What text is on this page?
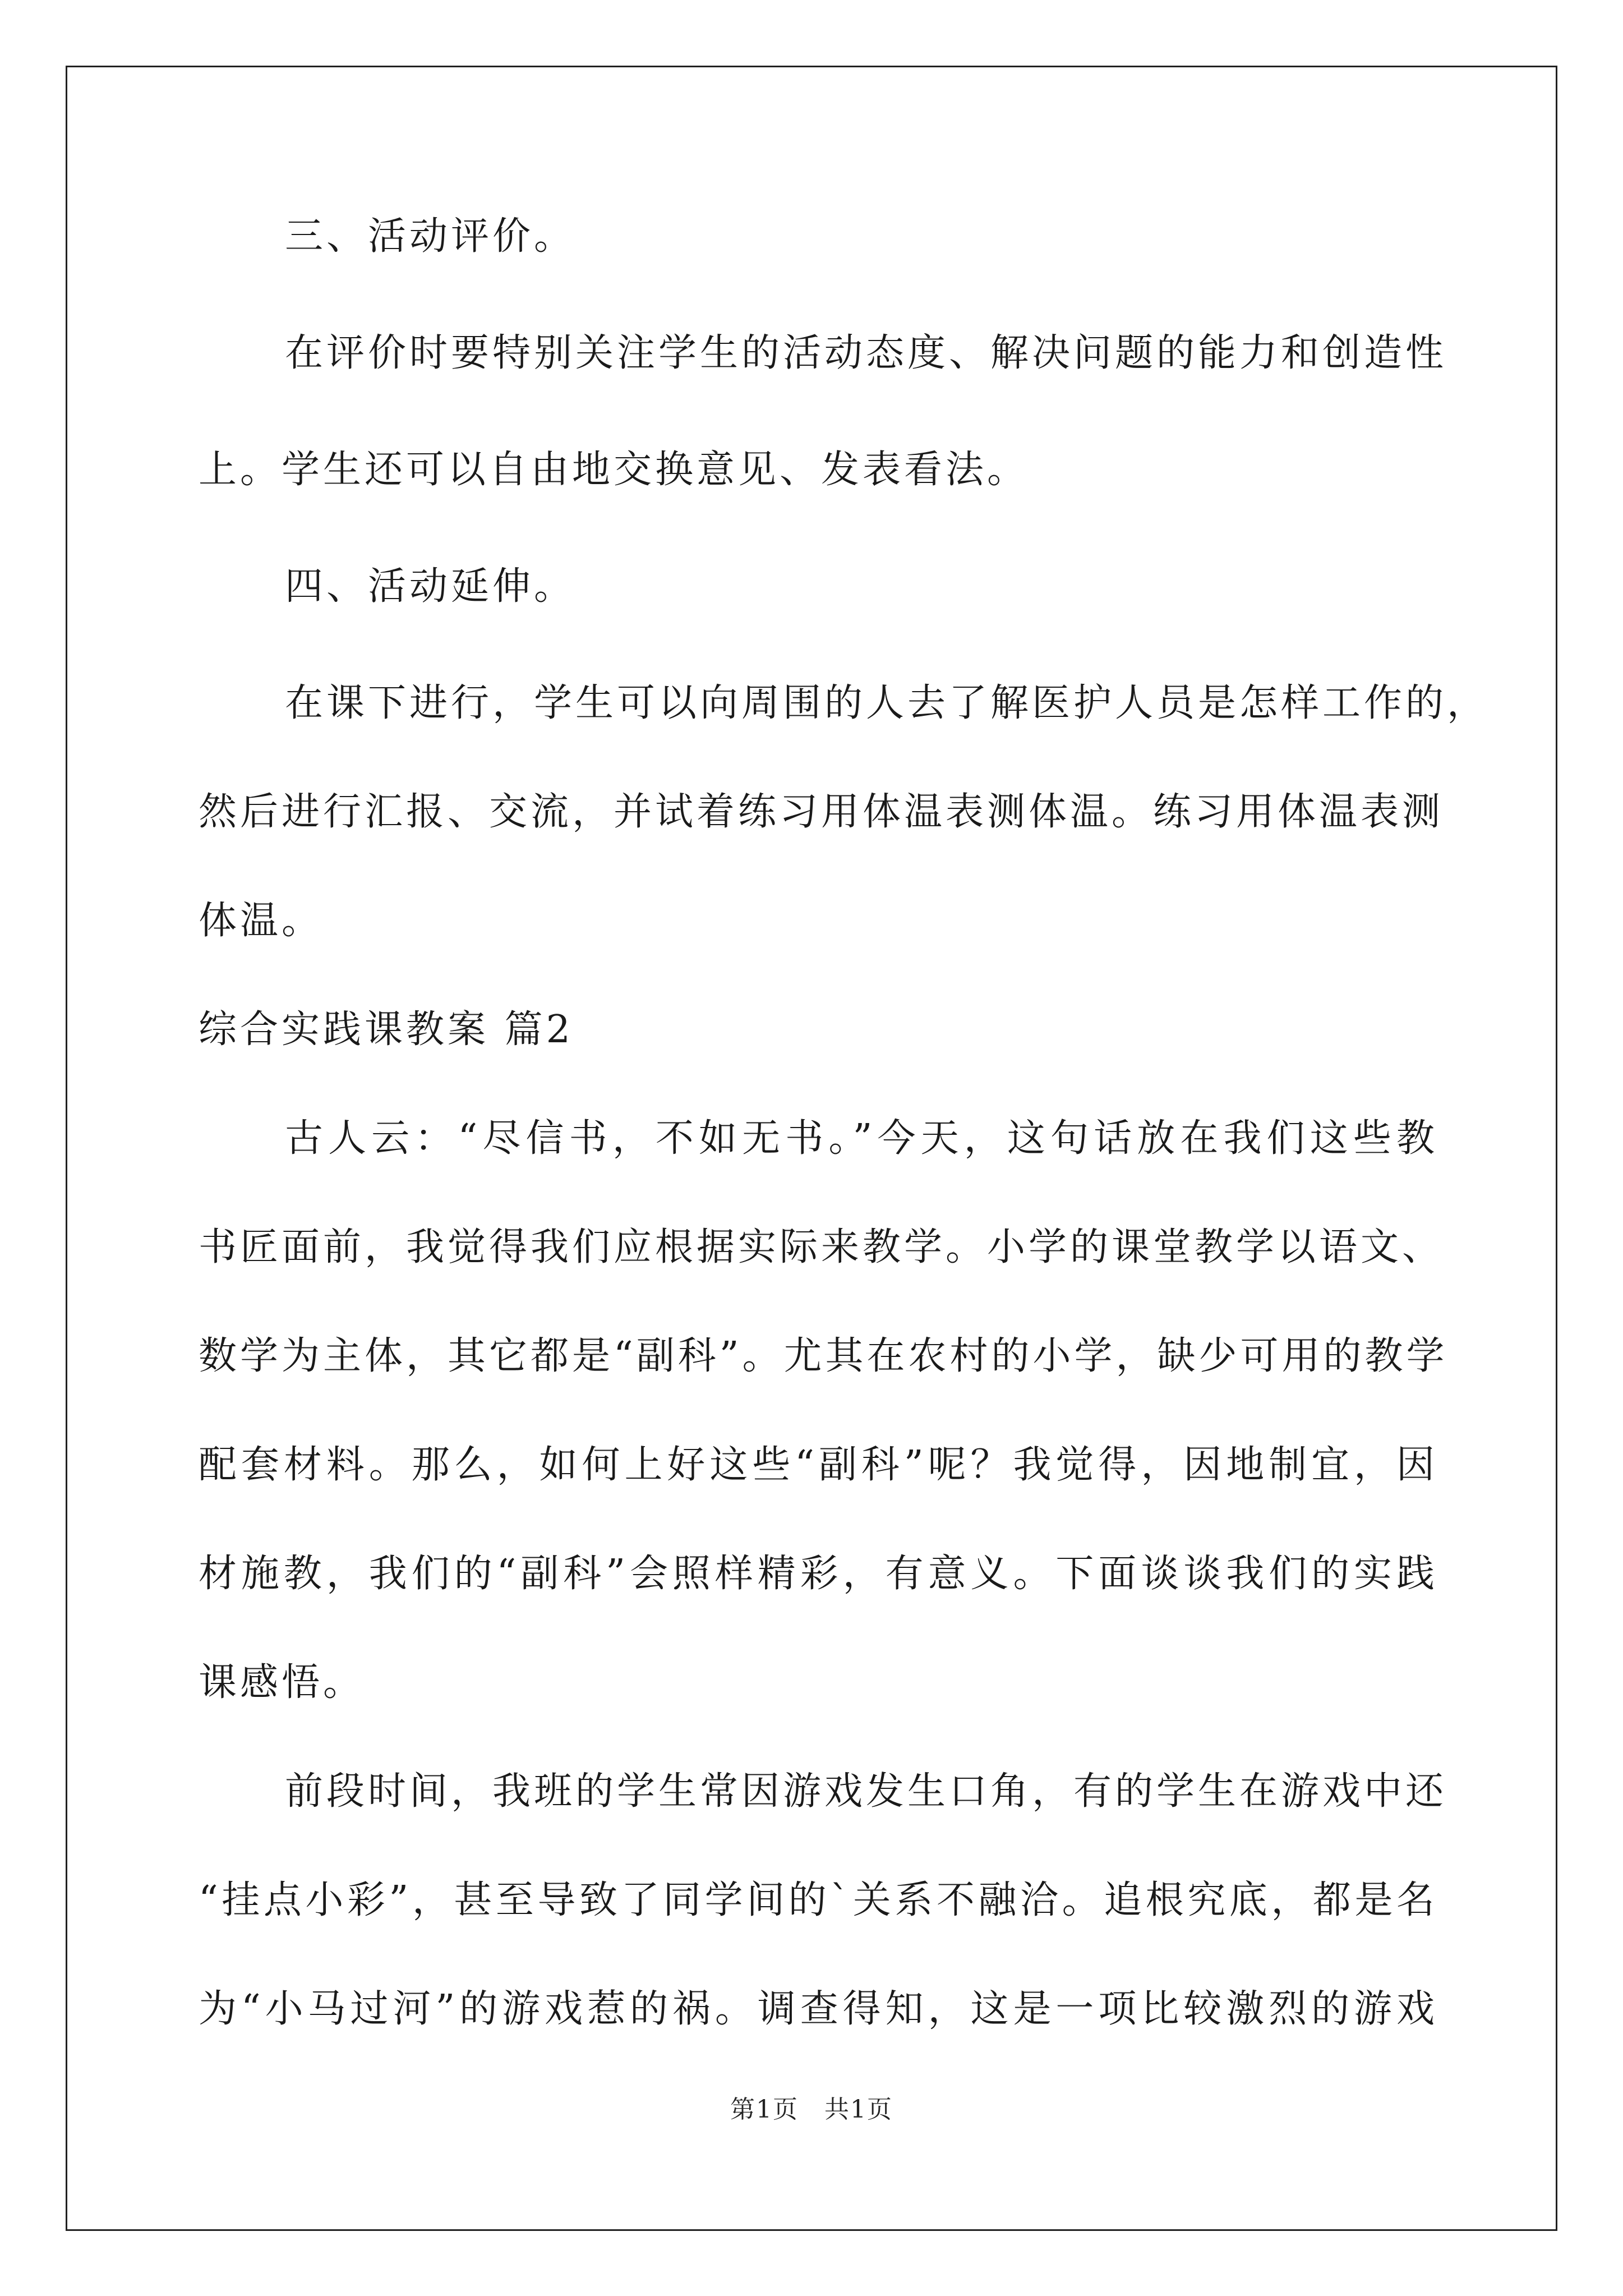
三、活动评价。
在评价时要特别关注学生的活动态度、解决问题的能力和创造性
上。学生还可以自由地交换意见、发表看法。
四、活动延伸。
在课下进行，学生可以向周围的人去了解医护人员是怎样工作的，
然后进行汇报、交流，并试着练习用体温表测体温。练习用体温表测
体温。
综合实践课教案 篇2
古人云：“尽信书，不如无书。”今天，这句话放在我们这些教
书匠面前，我觉得我们应根据实际来教学。小学的课堂教学以语文、
数学为主体，其它都是“副科”。尤其在农村的小学，缺少可用的教学
配套材料。那么，如何上好这些“副科”呢？我觉得，因地制宜，因
材施教，我们的“副科”会照样精彩，有意义。下面谈谈我们的实践
课感悟。
前段时间，我班的学生常因游戏发生口角，有的学生在游戏中还
“挂点小彩”，甚至导致了同学间的`关系不融洽。追根究底，都是名
为“小马过河”的游戏惹的祸。调查得知，这是一项比较激烈的游戏
第1页　共1页
